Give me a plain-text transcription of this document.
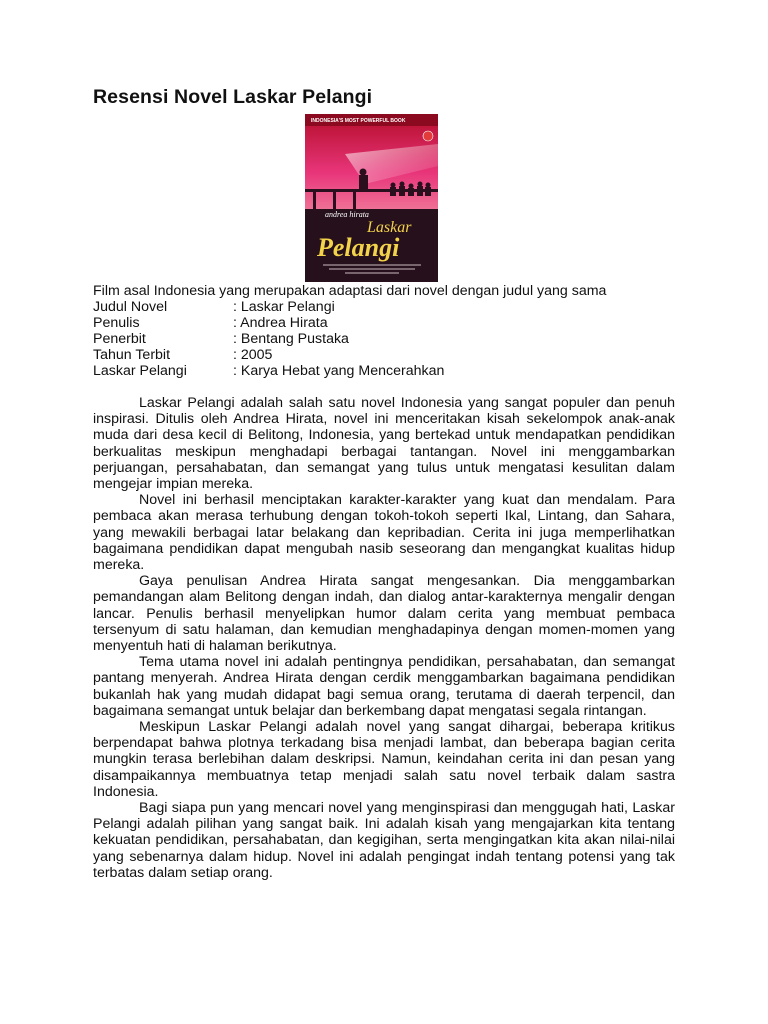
Resensi Novel Laskar Pelangi
INDONESIA'S MOST POWERFUL BOOK
andrea hirata
Laskar
Pelangi
Film asal Indonesia yang merupakan adaptasi dari novel dengan judul yang sama
Judul Novel	: Laskar Pelangi
Penulis	: Andrea Hirata
Penerbit	: Bentang Pustaka
Tahun Terbit	: 2005
Laskar Pelangi	: Karya Hebat yang Mencerahkan

Laskar Pelangi adalah salah satu novel Indonesia yang sangat populer dan penuh inspirasi. Ditulis oleh Andrea Hirata, novel ini menceritakan kisah sekelompok anak-anak muda dari desa kecil di Belitong, Indonesia, yang bertekad untuk mendapatkan pendidikan berkualitas meskipun menghadapi berbagai tantangan. Novel ini menggambarkan perjuangan, persahabatan, dan semangat yang tulus untuk mengatasi kesulitan dalam mengejar impian mereka.

Novel ini berhasil menciptakan karakter-karakter yang kuat dan mendalam. Para pembaca akan merasa terhubung dengan tokoh-tokoh seperti Ikal, Lintang, dan Sahara, yang mewakili berbagai latar belakang dan kepribadian. Cerita ini juga memperlihatkan bagaimana pendidikan dapat mengubah nasib seseorang dan mengangkat kualitas hidup mereka.

Gaya penulisan Andrea Hirata sangat mengesankan. Dia menggambarkan pemandangan alam Belitong dengan indah, dan dialog antar-karakternya mengalir dengan lancar. Penulis berhasil menyelipkan humor dalam cerita yang membuat pembaca tersenyum di satu halaman, dan kemudian menghadapinya dengan momen-momen yang menyentuh hati di halaman berikutnya.

Tema utama novel ini adalah pentingnya pendidikan, persahabatan, dan semangat pantang menyerah. Andrea Hirata dengan cerdik menggambarkan bagaimana pendidikan bukanlah hak yang mudah didapat bagi semua orang, terutama di daerah terpencil, dan bagaimana semangat untuk belajar dan berkembang dapat mengatasi segala rintangan.

Meskipun Laskar Pelangi adalah novel yang sangat dihargai, beberapa kritikus berpendapat bahwa plotnya terkadang bisa menjadi lambat, dan beberapa bagian cerita mungkin terasa berlebihan dalam deskripsi. Namun, keindahan cerita ini dan pesan yang disampaikannya membuatnya tetap menjadi salah satu novel terbaik dalam sastra Indonesia.

Bagi siapa pun yang mencari novel yang menginspirasi dan menggugah hati, Laskar Pelangi adalah pilihan yang sangat baik. Ini adalah kisah yang mengajarkan kita tentang kekuatan pendidikan, persahabatan, dan kegigihan, serta mengingatkan kita akan nilai-nilai yang sebenarnya dalam hidup. Novel ini adalah pengingat indah tentang potensi yang tak terbatas dalam setiap orang.
